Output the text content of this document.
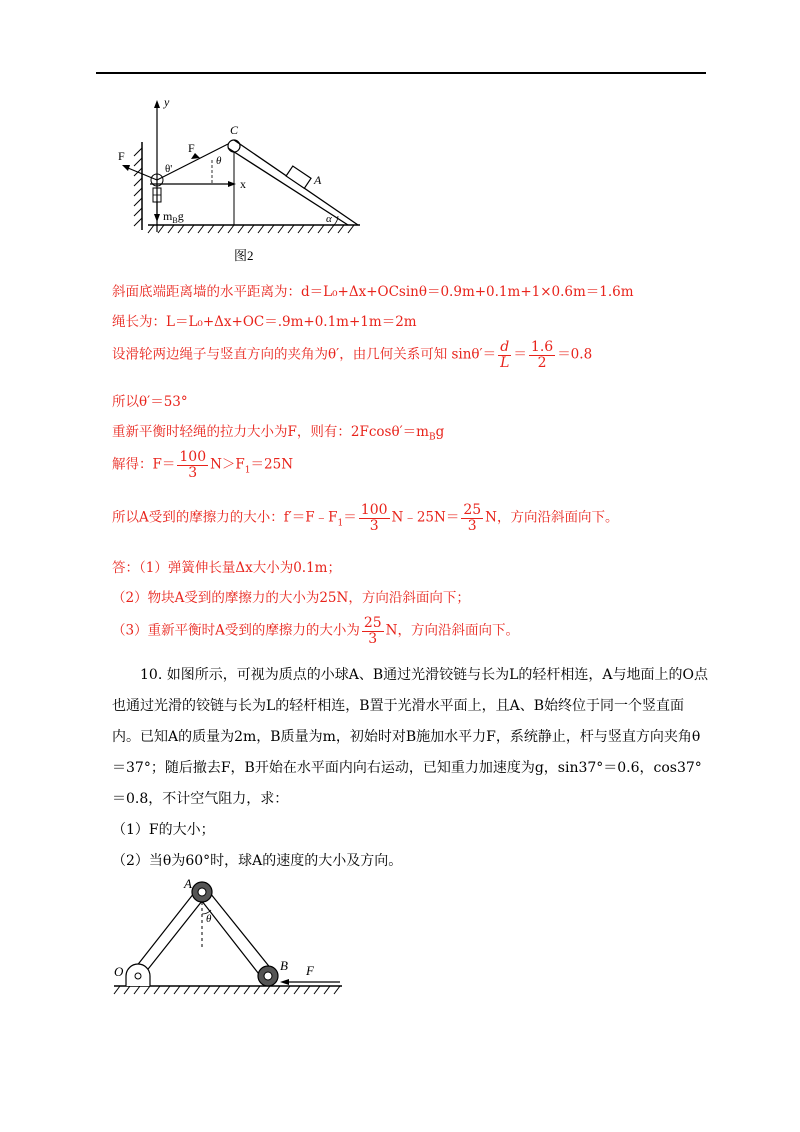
y
x
$m_Bg$
F
θ'
F
C
θ
A
α
图2
斜面底端距离墙的水平距离为：d＝L₀+Δx+OCsinθ＝0.9m+0.1m+1×0.6m＝1.6m
绳长为：L＝L₀+Δx+OC＝.9m+0.1m+1m＝2m
设滑轮两边绳子与竖直方向的夹角为θ′，由几何关系可知 $\sin\theta'= \frac{d}{L} = \frac{1.6}{2} =0.8$
所以θ′＝53°
重新平衡时轻绳的拉力大小为F，则有：$2Fcos\theta'=m_Bg$
解得：$F= \frac{100}{3} N>F_1=25N$
所以A受到的摩擦力的大小：$f'=F﹣F_1= \frac{100}{3}$ N﹣25N＝ $\frac{25}{3}$ N，方向沿斜面向下。
答：（1）弹簧伸长量Δx大小为0.1m；
（2）物块A受到的摩擦力的大小为25N，方向沿斜面向下；
（3）重新平衡时A受到的摩擦力的大小为 $\frac{25}{3}$ N，方向沿斜面向下。

10. 如图所示，可视为质点的小球A、B通过光滑铰链与长为L的轻杆相连，A与地面上的O点也通过光滑的铰链与长为L的轻杆相连，B置于光滑水平面上，且A、B始终位于同一个竖直面内。已知A的质量为2m，B质量为m，初始时对B施加水平力F，系统静止，杆与竖直方向夹角θ＝37°；随后撤去F，B开始在水平面内向右运动，已知重力加速度为g，sin37°＝0.6，cos37°＝0.8，不计空气阻力，求：

（1）F的大小；

（2）当θ为60°时，球A的速度的大小及方向。

O
A
θ
B F
